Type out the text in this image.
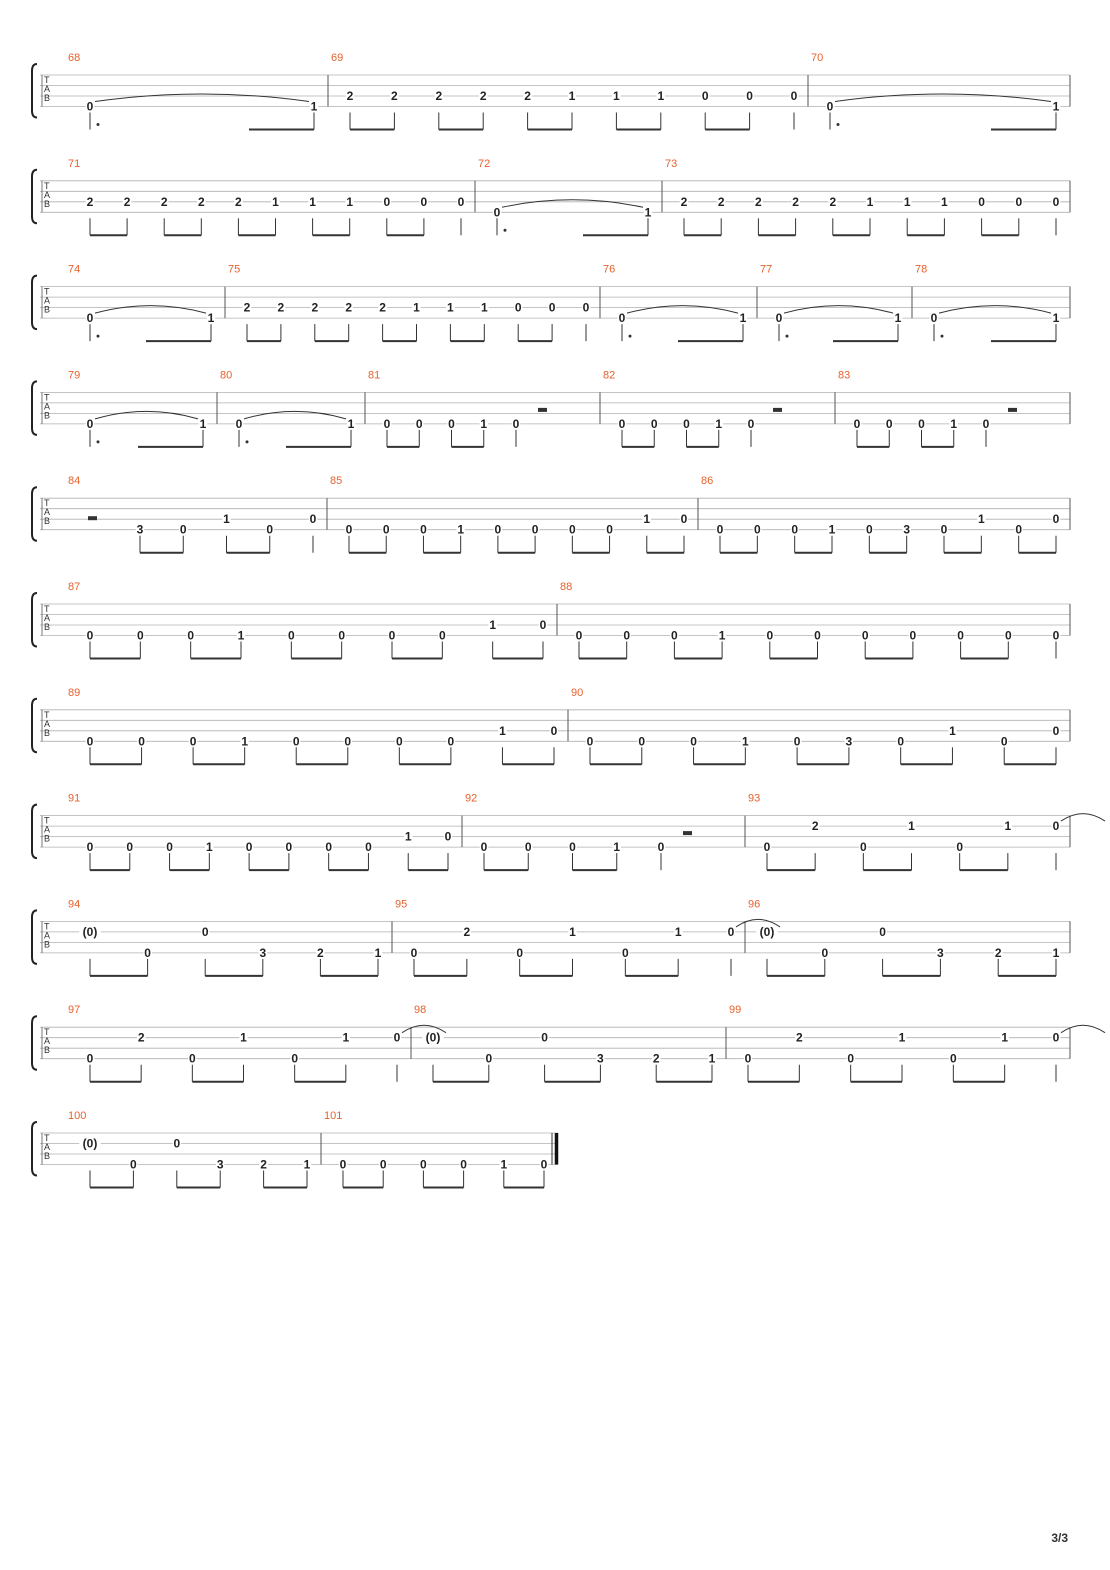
T
A
B
68
0	1
69
2	2	2	2	2	1	1	1	0	0	0
70
0	1
T
A
B
71
2	2	2	2	2	1	1	1	0	0	0
72
0	1
73
2	2	2	2	2	1	1	1	0	0	0
T
A
B
74
0	1
75
2 2 2 2 2 1 1 1 0 0 0
76
0	1
77
0	1
78
0	1
T
A
B
79
0	1
80
0	1
81
0 0 0 1 0
82
0 0 0 1 0
83
0 0 0 1 0
T
A
B
84
3	0
1
0
0
85
0	0	0	1	0	0	0	0
1	0
86
0	0	0	1	0	3	0
1
0
0
T
A
B
87
0	0	0	1	0	0	0	0
1	0
88
0	0	0	1	0	0	0	0	0	0	0
T
A
B
89
0	0	0	1	0	0	0	0
1	0
90
0	0	0	1	0	3	0
1
0
0
T
A
B
91
0	0	0	1	0	0	0	0
1	0
92
0	0	0	1	0
93
0
2
0
1
0
1	0
T
A
B
94
(0)
0
0
3	2	1
95
0
2
0
1
0
1	0
96
(0)
0
0
3	2	1
T
A
B
97
0
2
0
1
0
1	0
98
(0)
0
0
3	2	1
99
0
2
0
1
0
1	0
T
A
B
100
(0)
0
0
3	2	1
101
0	0	0	0	1	0
3/3
